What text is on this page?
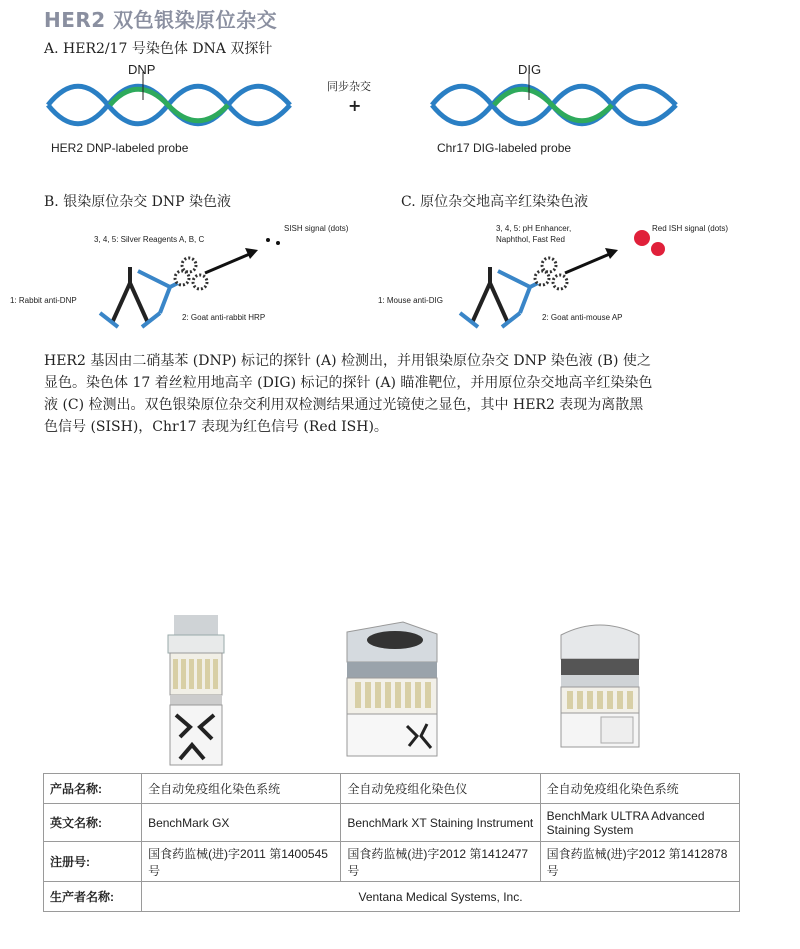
HER2 双色银染原位杂交
A. HER2/17 号染色体 DNA 双探针
DNP	DIG
同步杂交
+
HER2 DNP-labeled probe	Chr17 DIG-labeled probe
B. 银染原位杂交 DNP 染色液	C. 原位杂交地高辛红染染色液
3, 4, 5: Silver Reagents A, B, C
SISH signal (dots)
1: Rabbit anti-DNP
2: Goat anti-rabbit HRP
3, 4, 5: pH Enhancer,
Naphthol, Fast Red
Red ISH signal (dots)
1: Mouse anti-DIG
2: Goat anti-mouse AP

HER2 基因由二硝基苯 (DNP) 标记的探针 (A) 检测出，并用银染原位杂交 DNP 染色液 (B) 使之

显色。染色体 17 着丝粒用地高辛 (DIG) 标记的探针 (A) 瞄准靶位，并用原位杂交地高辛红染染色

液 (C) 检测出。双色银染原位杂交利用双检测结果通过光镜使之显色，其中 HER2 表现为离散黑

色信号 (SISH)，Chr17 表现为红色信号 (Red ISH)。

产品名称:	全自动免疫组化染色系统	全自动免疫组化染色仪	全自动免疫组化染色系统
英文名称:	BenchMark GX	BenchMark XT Staining Instrument	BenchMark ULTRA Advanced Staining System
注册号:	国食药监械(进)字2011 第1400545号	国食药监械(进)字2012 第1412477号	国食药监械(进)字2012 第1412878号
生产者名称:	Ventana Medical Systems, Inc.		
